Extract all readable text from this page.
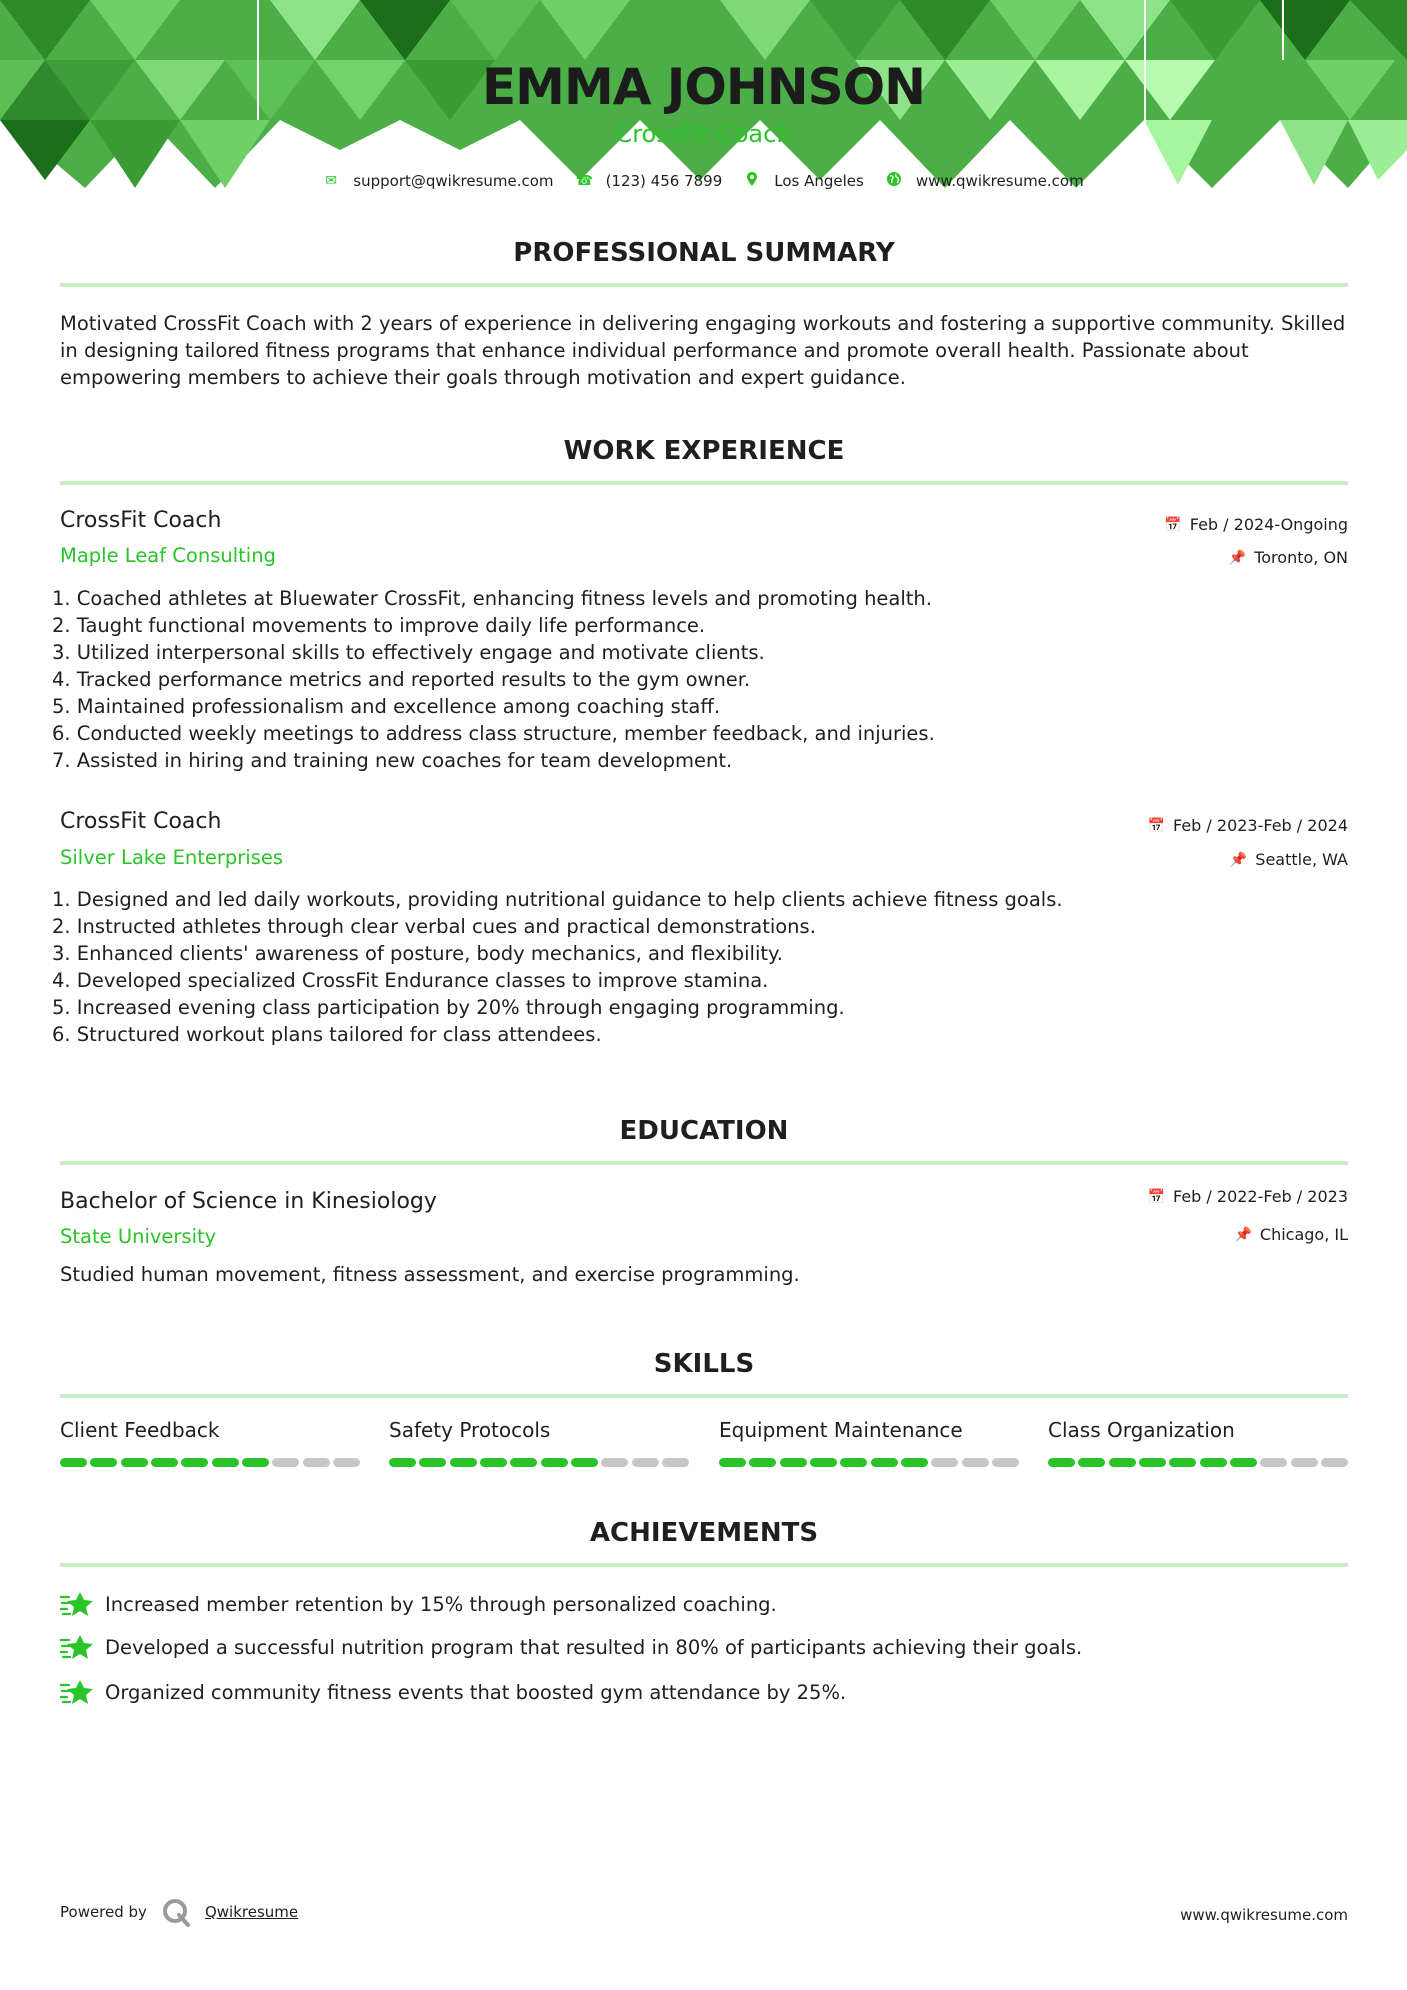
EMMA JOHNSON
CrossFit Coach
✉ support@qwikresume.com ☎ (123) 456 7899	Los Angeles	www.qwikresume.com
PROFESSIONAL SUMMARY
Motivated CrossFit Coach with 2 years of experience in delivering engaging workouts and fostering a supportive community. Skilled in designing tailored fitness programs that enhance individual performance and promote overall health. Passionate about empowering members to achieve their goals through motivation and expert guidance.
WORK EXPERIENCE
CrossFit Coach
Maple Leaf Consulting
📅 Feb / 2024-Ongoing
📌 Toronto, ON
1. Coached athletes at Bluewater CrossFit, enhancing fitness levels and promoting health.
2. Taught functional movements to improve daily life performance.
3. Utilized interpersonal skills to effectively engage and motivate clients.
4. Tracked performance metrics and reported results to the gym owner.
5. Maintained professionalism and excellence among coaching staff.
6. Conducted weekly meetings to address class structure, member feedback, and injuries.
7. Assisted in hiring and training new coaches for team development.
CrossFit Coach
Silver Lake Enterprises
📅 Feb / 2023-Feb / 2024
📌 Seattle, WA
1. Designed and led daily workouts, providing nutritional guidance to help clients achieve fitness goals.
2. Instructed athletes through clear verbal cues and practical demonstrations.
3. Enhanced clients' awareness of posture, body mechanics, and flexibility.
4. Developed specialized CrossFit Endurance classes to improve stamina.
5. Increased evening class participation by 20% through engaging programming.
6. Structured workout plans tailored for class attendees.
EDUCATION
Bachelor of Science in Kinesiology
State University
📅 Feb / 2022-Feb / 2023
📌 Chicago, IL
Studied human movement, fitness assessment, and exercise programming.
SKILLS
Client Feedback	Safety Protocols	Equipment Maintenance	Class Organization
ACHIEVEMENTS
Increased member retention by 15% through personalized coaching.
Developed a successful nutrition program that resulted in 80% of participants achieving their goals.
Organized community fitness events that boosted gym attendance by 25%.
Powered by	Qwikresume	www.qwikresume.com
